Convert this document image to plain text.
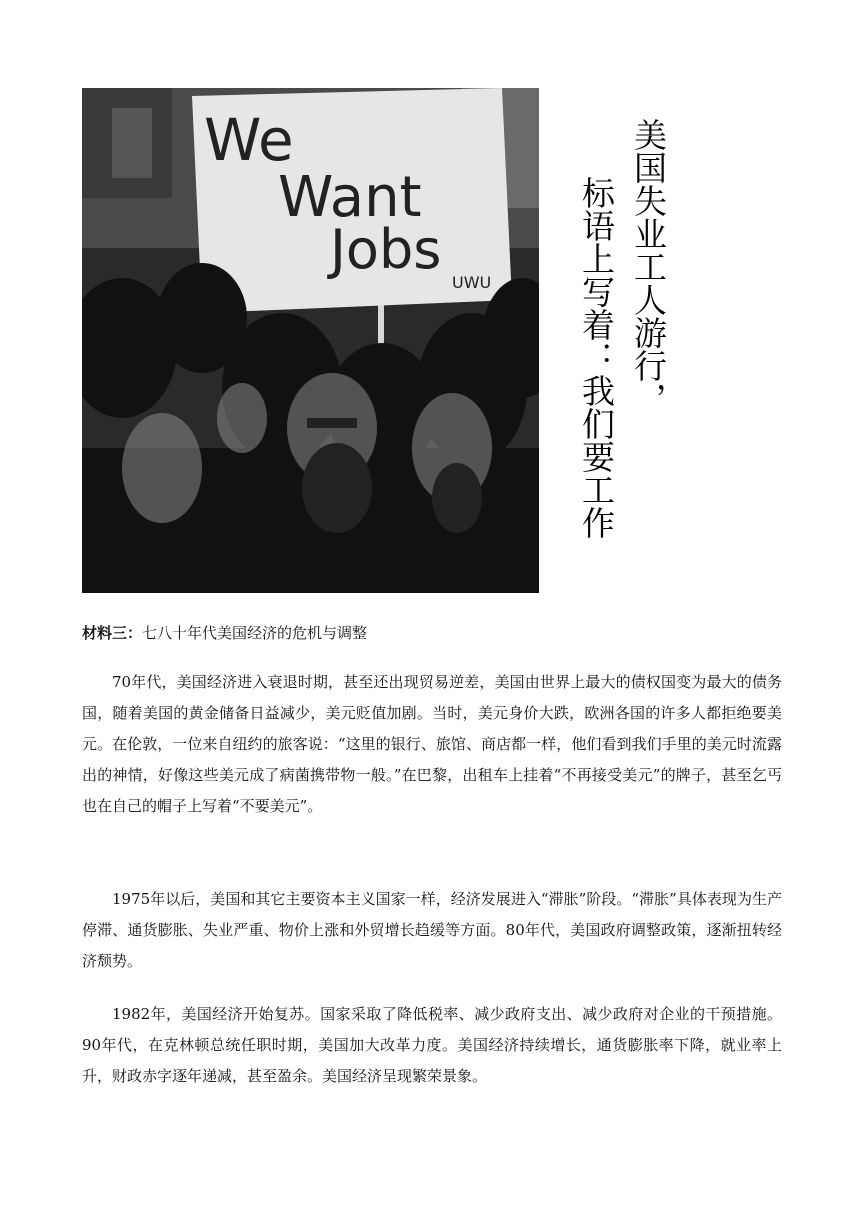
We
Want
Jobs
UWU	美国失业工人游行，
标语上写着：我们要工作
材料三：七八十年代美国经济的危机与调整

70年代，美国经济进入衰退时期，甚至还出现贸易逆差，美国由世界上最大的债权国变为最大的债务国，随着美国的黄金储备日益减少，美元贬值加剧。当时，美元身价大跌，欧洲各国的许多人都拒绝要美元。在伦敦，一位来自纽约的旅客说：“这里的银行、旅馆、商店都一样，他们看到我们手里的美元时流露出的神情，好像这些美元成了病菌携带物一般。”在巴黎，出租车上挂着“不再接受美元”的牌子，甚至乞丐也在自己的帽子上写着“不要美元”。

1975年以后，美国和其它主要资本主义国家一样，经济发展进入“滞胀”阶段。“滞胀”具体表现为生产停滞、通货膨胀、失业严重、物价上涨和外贸增长趋缓等方面。80年代，美国政府调整政策，逐渐扭转经济颓势。

1982年，美国经济开始复苏。国家采取了降低税率、减少政府支出、减少政府对企业的干预措施。90年代，在克林顿总统任职时期，美国加大改革力度。美国经济持续增长，通货膨胀率下降，就业率上升，财政赤字逐年递减，甚至盈余。美国经济呈现繁荣景象。
